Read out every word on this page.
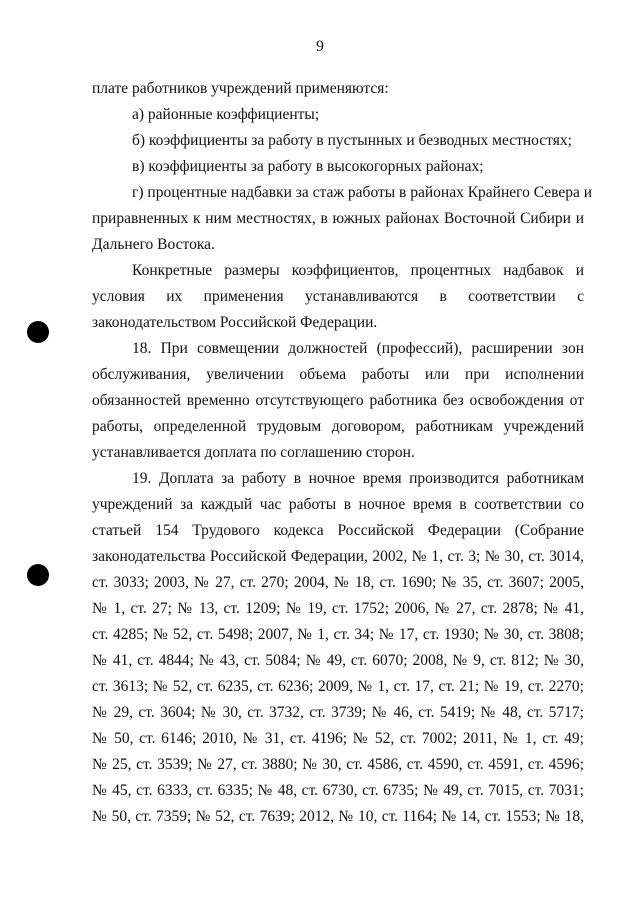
9
плате работников учреждений применяются:
а) районные коэффициенты;
б) коэффициенты за работу в пустынных и безводных местностях;
в) коэффициенты за работу в высокогорных районах;
г) процентные надбавки за стаж работы в районах Крайнего Севера и
приравненных к ним местностях, в южных районах Восточной Сибири и
Дальнего Востока.
Конкретные размеры коэффициентов, процентных надбавок и
условия их применения устанавливаются в соответствии с
законодательством Российской Федерации.
18. При совмещении должностей (профессий), расширении зон
обслуживания, увеличении объема работы или при исполнении
обязанностей временно отсутствующего работника без освобождения от
работы, определенной трудовым договором, работникам учреждений
устанавливается доплата по соглашению сторон.
19. Доплата за работу в ночное время производится работникам
учреждений за каждый час работы в ночное время в соответствии со
статьей 154 Трудового кодекса Российской Федерации (Собрание
законодательства Российской Федерации, 2002, № 1, ст. 3; № 30, ст. 3014,
ст. 3033; 2003, № 27, ст. 270; 2004, № 18, ст. 1690; № 35, ст. 3607; 2005,
№ 1, ст. 27; № 13, ст. 1209; № 19, ст. 1752; 2006, № 27, ст. 2878; № 41,
ст. 4285; № 52, ст. 5498; 2007, № 1, ст. 34; № 17, ст. 1930; № 30, ст. 3808;
№ 41, ст. 4844; № 43, ст. 5084; № 49, ст. 6070; 2008, № 9, ст. 812; № 30,
ст. 3613; № 52, ст. 6235, ст. 6236; 2009, № 1, ст. 17, ст. 21; № 19, ст. 2270;
№ 29, ст. 3604; № 30, ст. 3732, ст. 3739; № 46, ст. 5419; № 48, ст. 5717;
№ 50, ст. 6146; 2010, № 31, ст. 4196; № 52, ст. 7002; 2011, № 1, ст. 49;
№ 25, ст. 3539; № 27, ст. 3880; № 30, ст. 4586, ст. 4590, ст. 4591, ст. 4596;
№ 45, ст. 6333, ст. 6335; № 48, ст. 6730, ст. 6735; № 49, ст. 7015, ст. 7031;
№ 50, ст. 7359; № 52, ст. 7639; 2012, № 10, ст. 1164; № 14, ст. 1553; № 18,
